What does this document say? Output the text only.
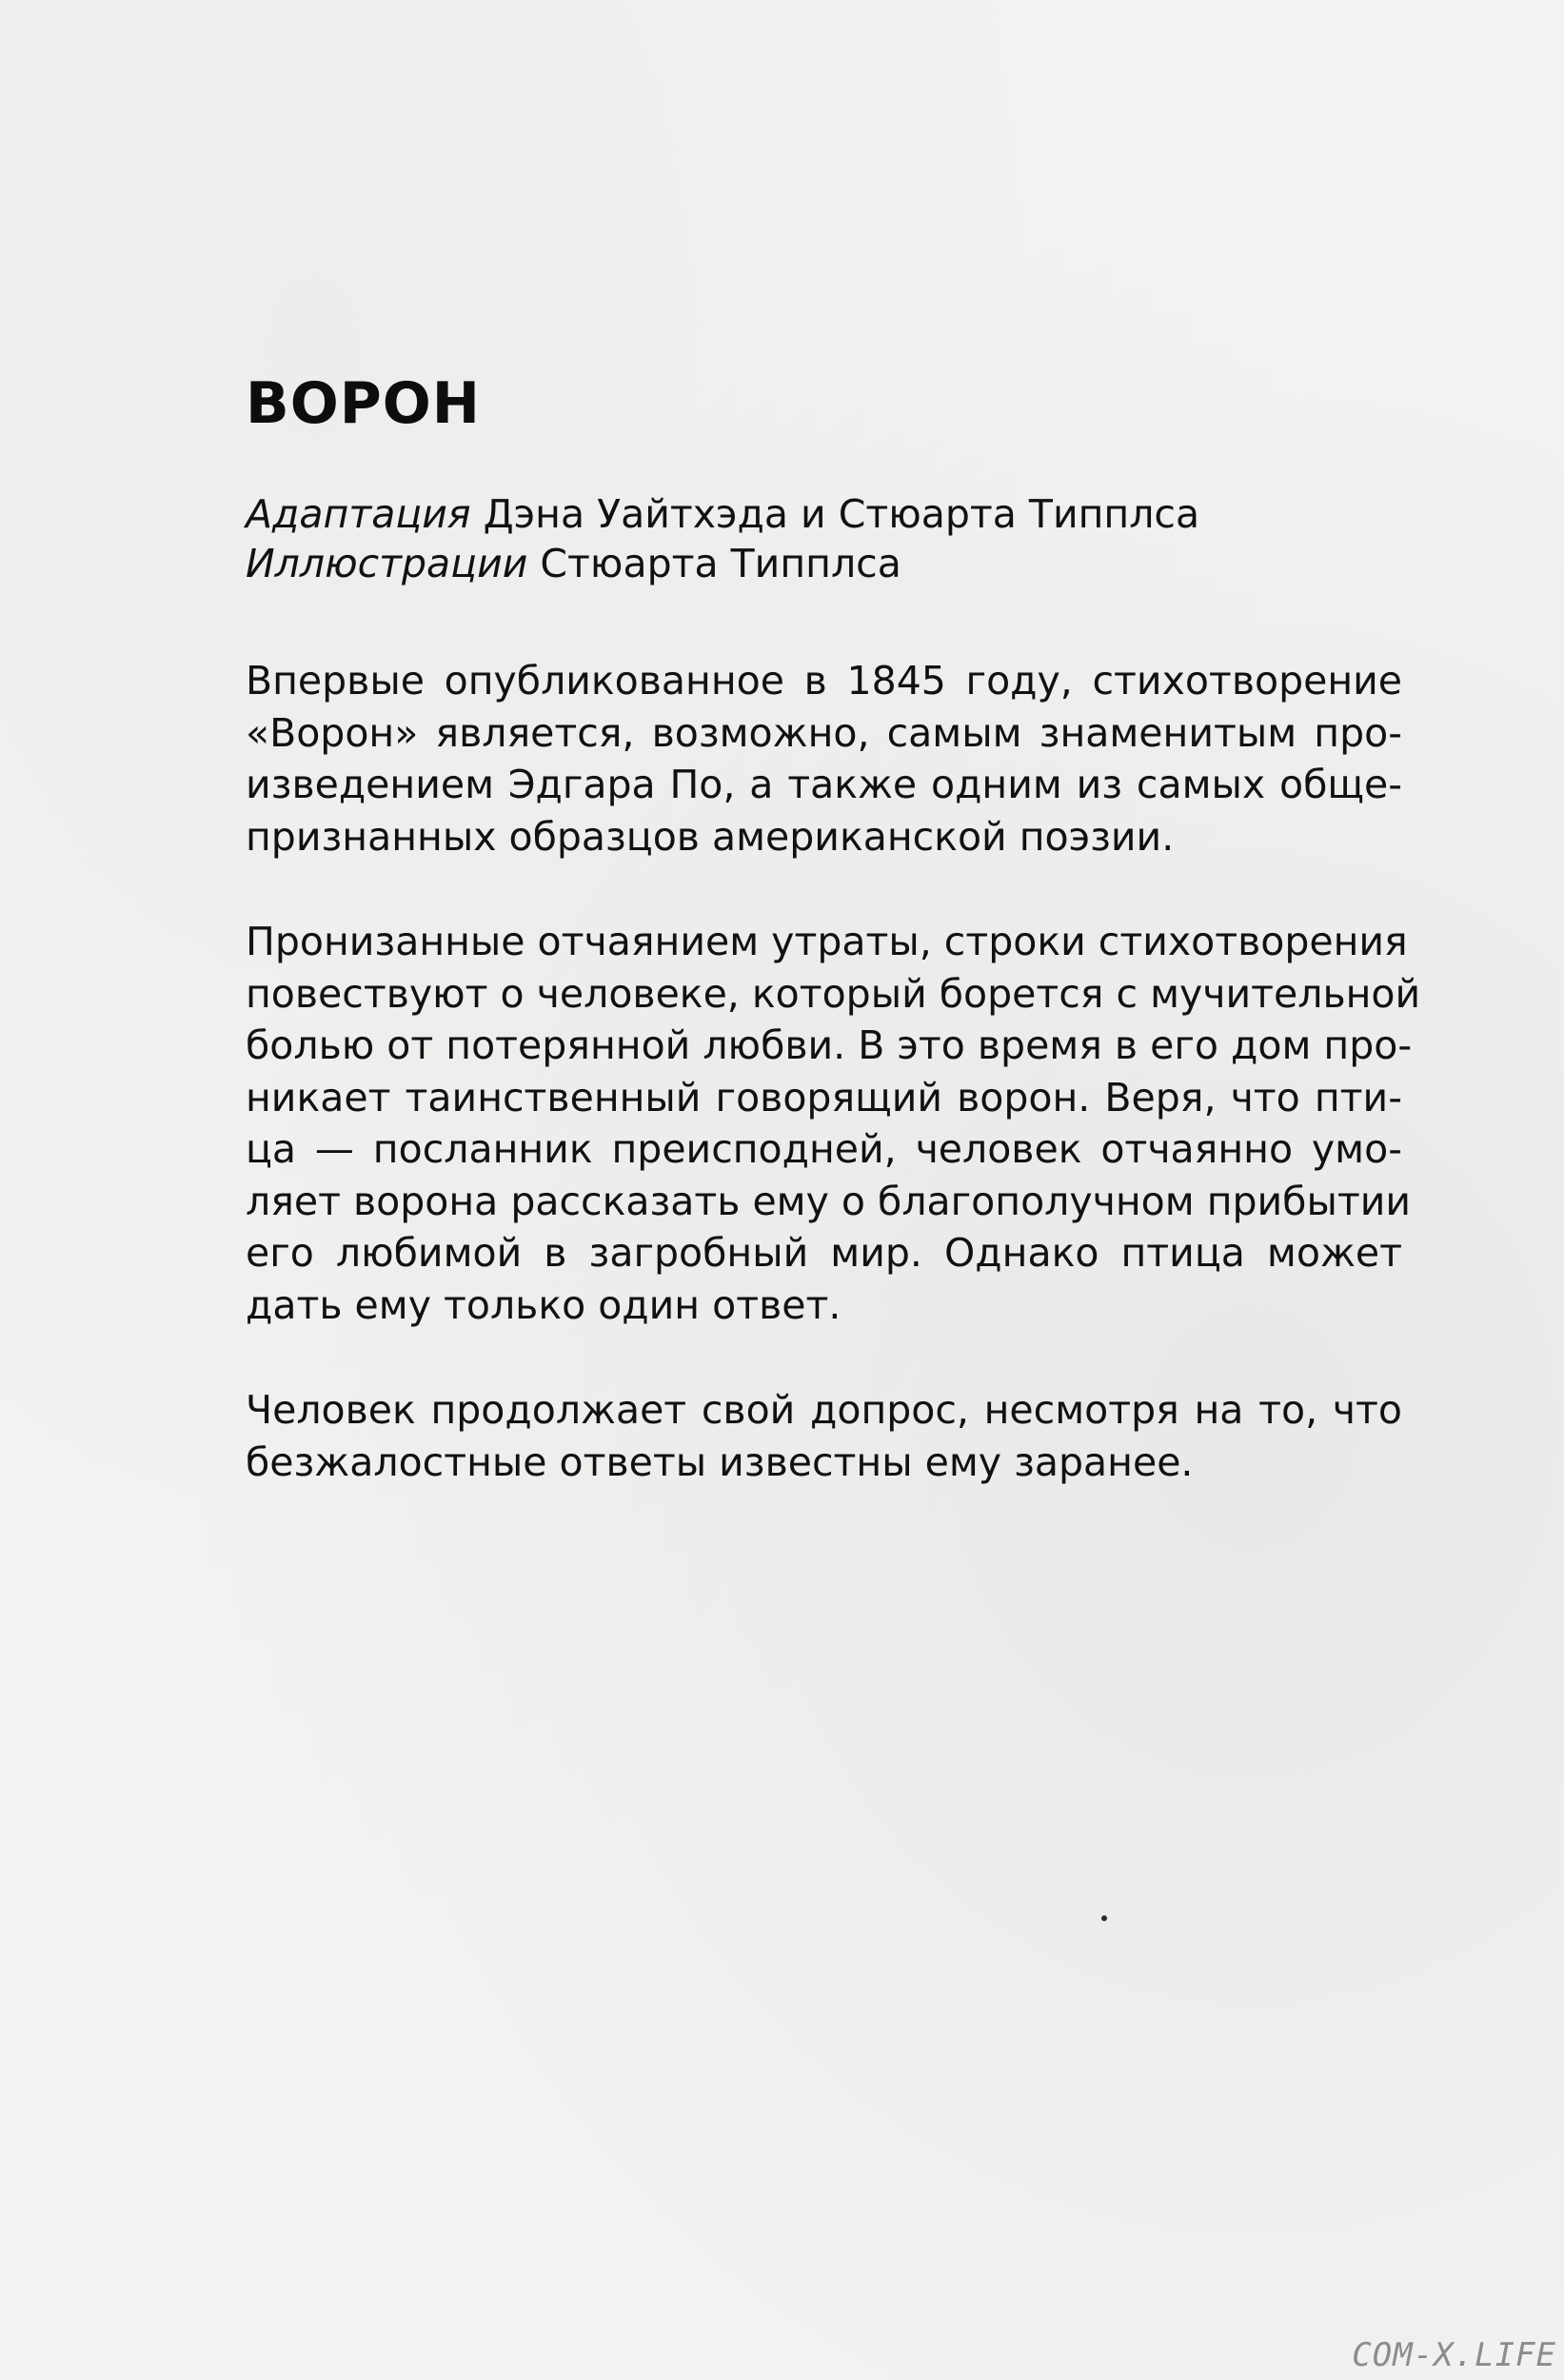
ВОРОН
Адаптация Дэна Уайтхэда и Стюарта Типплса
Иллюстрации Стюарта Типплса
Впервые опубликованное в 1845 году, стихотворение
«Ворон» является, возможно, самым знаменитым про-
изведением Эдгара По, а также одним из самых обще-
признанных образцов американской поэзии.
Пронизанные отчаянием утраты, строки стихотворения
повествуют о человеке, который борется с мучительной
болью от потерянной любви. В это время в его дом про-
никает таинственный говорящий ворон. Веря, что пти-
ца — посланник преисподней, человек отчаянно умо-
ляет ворона рассказать ему о благополучном прибытии
его любимой в загробный мир. Однако птица может
дать ему только один ответ.
Человек продолжает свой допрос, несмотря на то, что
безжалостные ответы известны ему заранее.
COM-X.LIFE
